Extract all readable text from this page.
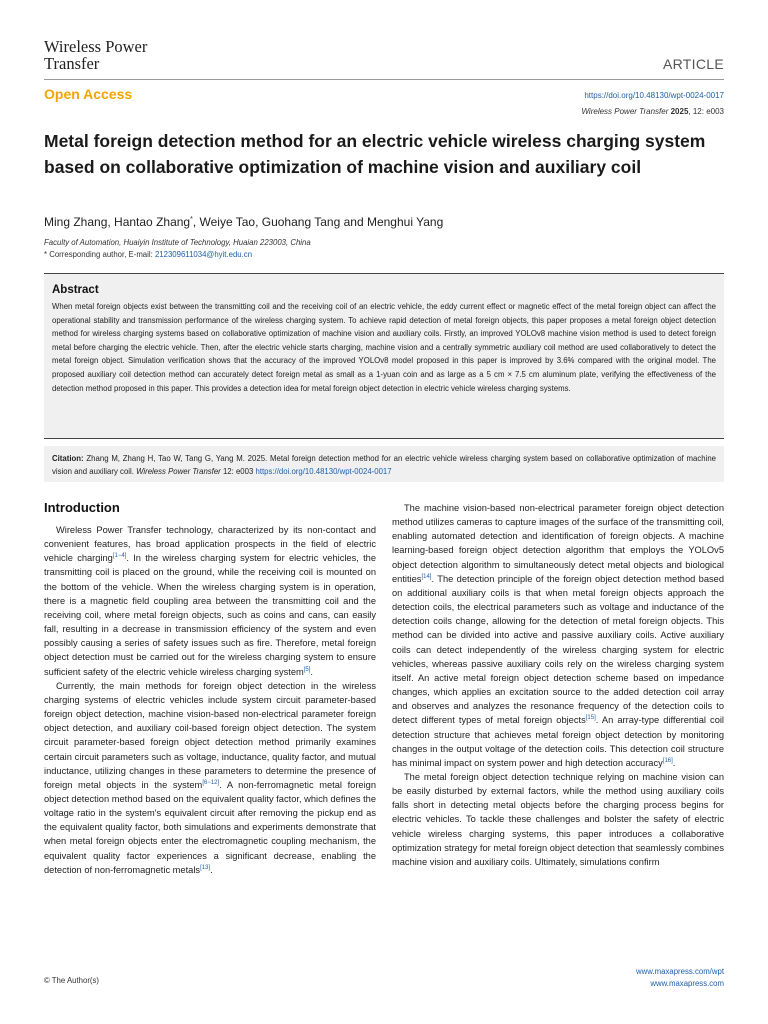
Wireless Power
Transfer	ARTICLE
Open Access	https://doi.org/10.48130/wpt-0024-0017
Wireless Power Transfer 2025, 12: e003
Metal foreign detection method for an electric vehicle wireless charging system based on collaborative optimization of machine vision and auxiliary coil
Ming Zhang, Hantao Zhang*, Weiye Tao, Guohang Tang and Menghui Yang
Faculty of Automation, Huaiyin Institute of Technology, Huaian 223003, China
* Corresponding author, E-mail: 212309611034@hyit.edu.cn
Abstract
When metal foreign objects exist between the transmitting coil and the receiving coil of an electric vehicle, the eddy current effect or magnetic effect of the metal foreign object can affect the operational stability and transmission performance of the wireless charging system. To achieve rapid detection of metal foreign objects, this paper proposes a metal foreign object detection method for wireless charging systems based on collaborative optimization of machine vision and auxiliary coils. Firstly, an improved YOLOv8 machine vision method is used to detect foreign metal before charging the electric vehicle. Then, after the electric vehicle starts charging, machine vision and a centrally symmetric auxiliary coil method are used collaboratively to detect the metal foreign object. Simulation verification shows that the accuracy of the improved YOLOv8 model proposed in this paper is improved by 3.6% compared with the original model. The proposed auxiliary coil detection method can accurately detect foreign metal as small as a 1-yuan coin and as large as a 5 cm × 7.5 cm aluminum plate, verifying the effectiveness of the detection method proposed in this paper. This provides a detection idea for metal foreign object detection in electric vehicle wireless charging systems.
Citation: Zhang M, Zhang H, Tao W, Tang G, Yang M. 2025. Metal foreign detection method for an electric vehicle wireless charging system based on collaborative optimization of machine vision and auxiliary coil. Wireless Power Transfer 12: e003 https://doi.org/10.48130/wpt-0024-0017
Introduction

Wireless Power Transfer technology, characterized by its non-contact and convenient features, has broad application prospects in the field of electric vehicle charging[1−4]. In the wireless charging system for electric vehicles, the transmitting coil is placed on the ground, while the receiving coil is mounted on the bottom of the vehicle. When the wireless charging system is in operation, there is a magnetic field coupling area between the transmitting coil and the receiving coil, where metal foreign objects, such as coins and cans, can easily fall, resulting in a decrease in transmission efficiency of the system and even possibly causing a series of safety issues such as fire. Therefore, metal foreign object detection must be carried out for the wireless charging system to ensure sufficient safety of the electric vehicle wireless charging system[5].

Currently, the main methods for foreign object detection in the wireless charging systems of electric vehicles include system circuit parameter-based foreign object detection, machine vision-based non-electrical parameter foreign object detection, and auxiliary coil-based foreign object detection. The system circuit parameter-based foreign object detection method primarily examines certain circuit parameters such as voltage, inductance, quality factor, and mutual inductance, utilizing changes in these parameters to determine the presence of foreign metal objects in the system[6−12]. A non-ferromagnetic metal foreign object detection method based on the equivalent quality factor, which defines the voltage ratio in the system's equivalent circuit after removing the pickup end as the equivalent quality factor, both simulations and experiments demonstrate that when metal foreign objects enter the electromagnetic coupling mechanism, the equivalent quality factor experiences a significant decrease, enabling the detection of non-ferromagnetic metals[13].

The machine vision-based non-electrical parameter foreign object detection method utilizes cameras to capture images of the surface of the transmitting coil, enabling automated detection and identification of foreign objects. A machine learning-based foreign object detection algorithm that employs the YOLOv5 object detection algorithm to simultaneously detect metal objects and biological entities[14]. The detection principle of the foreign object detection method based on additional auxiliary coils is that when metal foreign objects approach the detection coils, the electrical parameters such as voltage and inductance of the detection coils change, allowing for the detection of metal foreign objects. This method can be divided into active and passive auxiliary coils. Active auxiliary coils can detect independently of the wireless charging system for electric vehicles, whereas passive auxiliary coils rely on the wireless charging system itself. An active metal foreign object detection scheme based on impedance changes, which applies an excitation source to the added detection coil array and observes and analyzes the resonance frequency of the detection coils to detect different types of metal foreign objects[15]. An array-type differential coil detection structure that achieves metal foreign object detection by monitoring changes in the output voltage of the detection coils. This detection coil structure has minimal impact on system power and high detection accuracy[16].

The metal foreign object detection technique relying on machine vision can be easily disturbed by external factors, while the method using auxiliary coils falls short in detecting metal objects before the charging process begins for electric vehicles. To tackle these challenges and bolster the safety of electric vehicle wireless charging systems, this paper introduces a collaborative optimization strategy for metal foreign object detection that seamlessly combines machine vision and auxiliary coils. Ultimately, simulations confirm

© The Author(s)
www.maxapress.com/wpt
www.maxapress.com
